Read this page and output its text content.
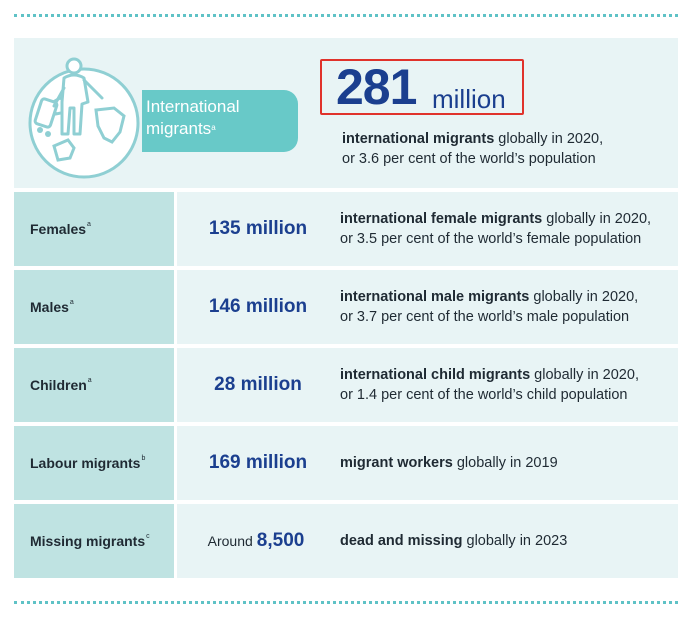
International
migrants$^a$
281 million
international migrants globally in 2020,
or 3.6 per cent of the world’s population
Females$^a$	135 million	international female migrants globally in 2020,
or 3.5 per cent of the world’s female population
Males$^a$	146 million	international male migrants globally in 2020,
or 3.7 per cent of the world’s male population
Children$^a$	28 million	international child migrants globally in 2020,
or 1.4 per cent of the world’s child population
Labour migrants$^b$	169 million	migrant workers globally in 2019
Missing migrants$^c$	Around 8,500	dead and missing globally in 2023
